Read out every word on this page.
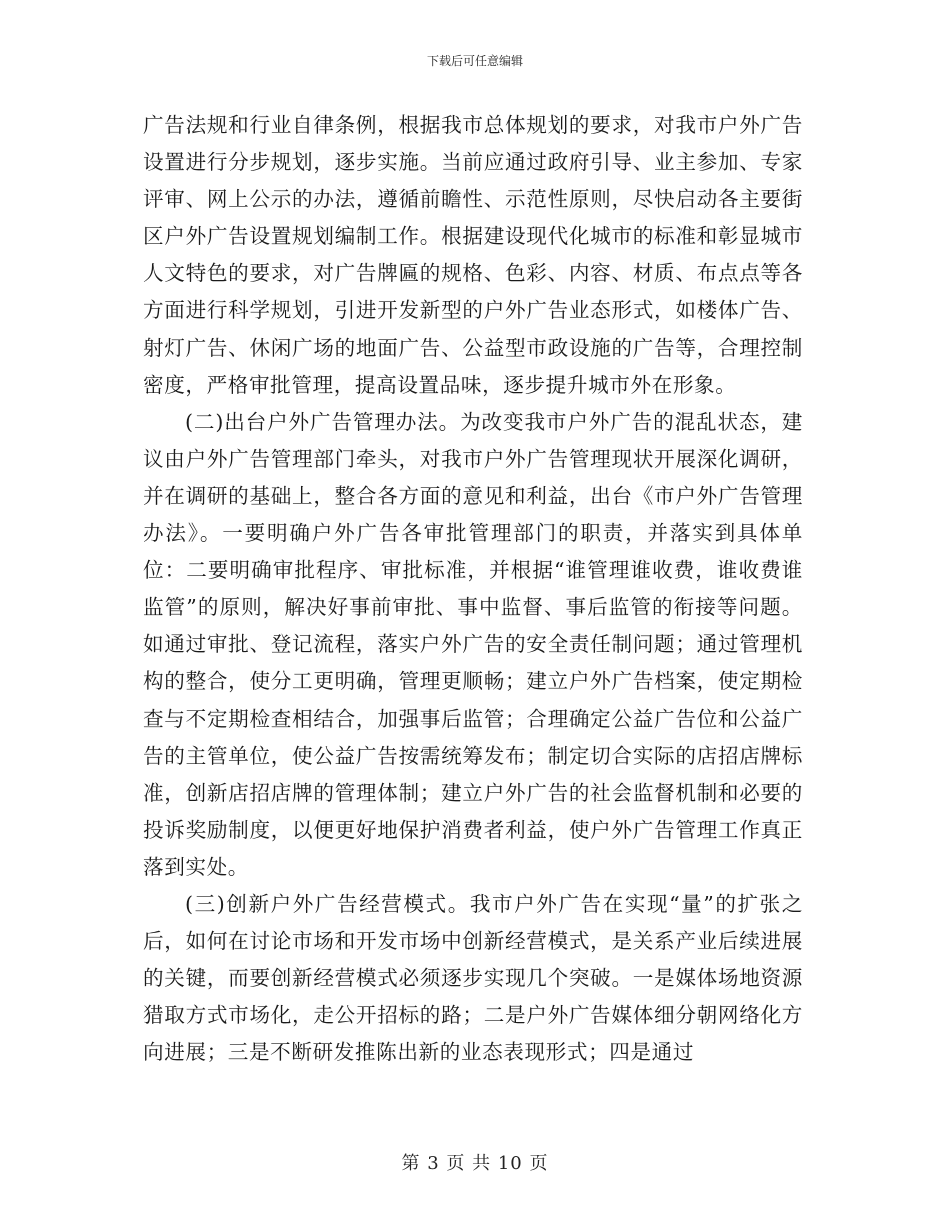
下载后可任意编辑

广告法规和行业自律条例，根据我市总体规划的要求，对我市户外广告设置进行分步规划，逐步实施。当前应通过政府引导、业主参加、专家评审、网上公示的办法，遵循前瞻性、示范性原则，尽快启动各主要街区户外广告设置规划编制工作。根据建设现代化城市的标准和彰显城市人文特色的要求，对广告牌匾的规格、色彩、内容、材质、布点点等各方面进行科学规划，引进开发新型的户外广告业态形式，如楼体广告、射灯广告、休闲广场的地面广告、公益型市政设施的广告等，合理控制密度，严格审批管理，提高设置品味，逐步提升城市外在形象。

(二)出台户外广告管理办法。为改变我市户外广告的混乱状态，建议由户外广告管理部门牵头，对我市户外广告管理现状开展深化调研，并在调研的基础上，整合各方面的意见和利益，出台《市户外广告管理办法》。一要明确户外广告各审批管理部门的职责，并落实到具体单位：二要明确审批程序、审批标准，并根据“谁管理谁收费，谁收费谁监管”的原则，解决好事前审批、事中监督、事后监管的衔接等问题。如通过审批、登记流程，落实户外广告的安全责任制问题；通过管理机构的整合，使分工更明确，管理更顺畅；建立户外广告档案，使定期检查与不定期检查相结合，加强事后监管；合理确定公益广告位和公益广告的主管单位，使公益广告按需统筹发布；制定切合实际的店招店牌标准，创新店招店牌的管理体制；建立户外广告的社会监督机制和必要的投诉奖励制度，以便更好地保护消费者利益，使户外广告管理工作真正落到实处。

(三)创新户外广告经营模式。我市户外广告在实现“量”的扩张之后，如何在讨论市场和开发市场中创新经营模式，是关系产业后续进展的关键，而要创新经营模式必须逐步实现几个突破。一是媒体场地资源猎取方式市场化，走公开招标的路；二是户外广告媒体细分朝网络化方向进展；三是不断研发推陈出新的业态表现形式；四是通过

第 3 页 共 10 页
